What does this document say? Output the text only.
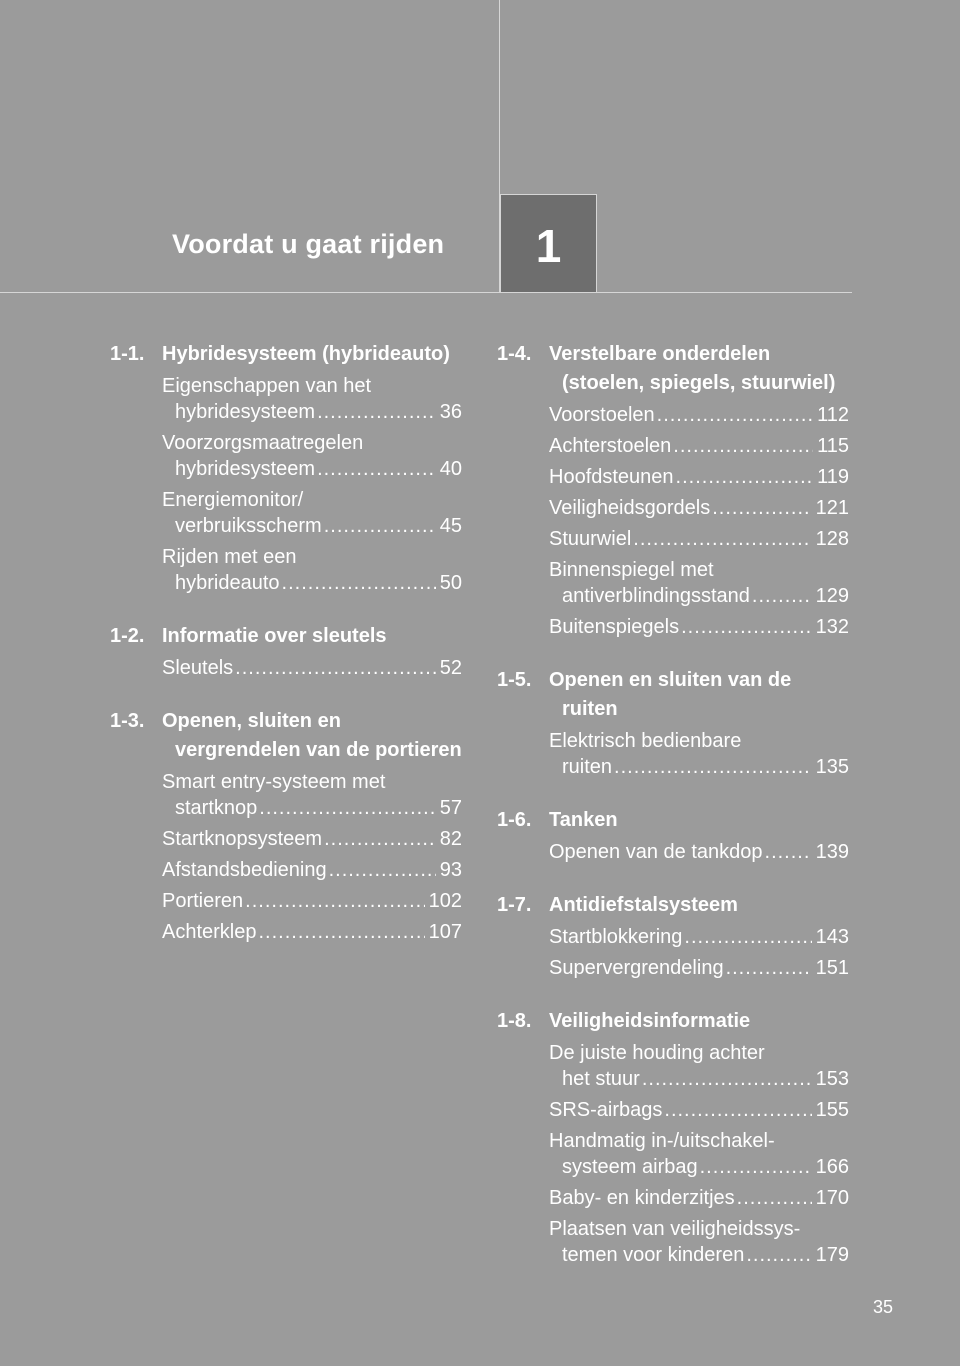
Voordat u gaat rijden	1
1-1. Hybridesysteem (hybrideauto)
Eigenschappen van het
hybridesysteem .....	36
Voorzorgsmaatregelen
hybridesysteem .....	40
Energiemonitor/
verbruiksscherm .....	45
Rijden met een
hybrideauto .....	50
1-2. Informatie over sleutels
Sleutels .....	52
1-3. Openen, sluiten en vergrendelen van de portieren
Smart entry-systeem met
startknop .....	57
Startknopsysteem .....	82
Afstandsbediening .....	93
Portieren .....	102
Achterklep .....	107
1-4. Verstelbare onderdelen (stoelen, spiegels, stuurwiel)
Voorstoelen .....	112
Achterstoelen .....	115
Hoofdsteunen .....	119
Veiligheidsgordels .....	121
Stuurwiel .....	128
Binnenspiegel met
antiverblindingsstand .....	129
Buitenspiegels .....	132
1-5. Openen en sluiten van de ruiten
Elektrisch bedienbare
ruiten .....	135
1-6. Tanken
Openen van de tankdop .....	139
1-7. Antidiefstalsysteem
Startblokkering .....	143
Supervergrendeling .....	151
1-8. Veiligheidsinformatie
De juiste houding achter
het stuur .....	153
SRS-airbags .....	155
Handmatig in-/uitschakel-
systeem airbag .....	166
Baby- en kinderzitjes .....	170
Plaatsen van veiligheidssys-
temen voor kinderen .....	179
35
